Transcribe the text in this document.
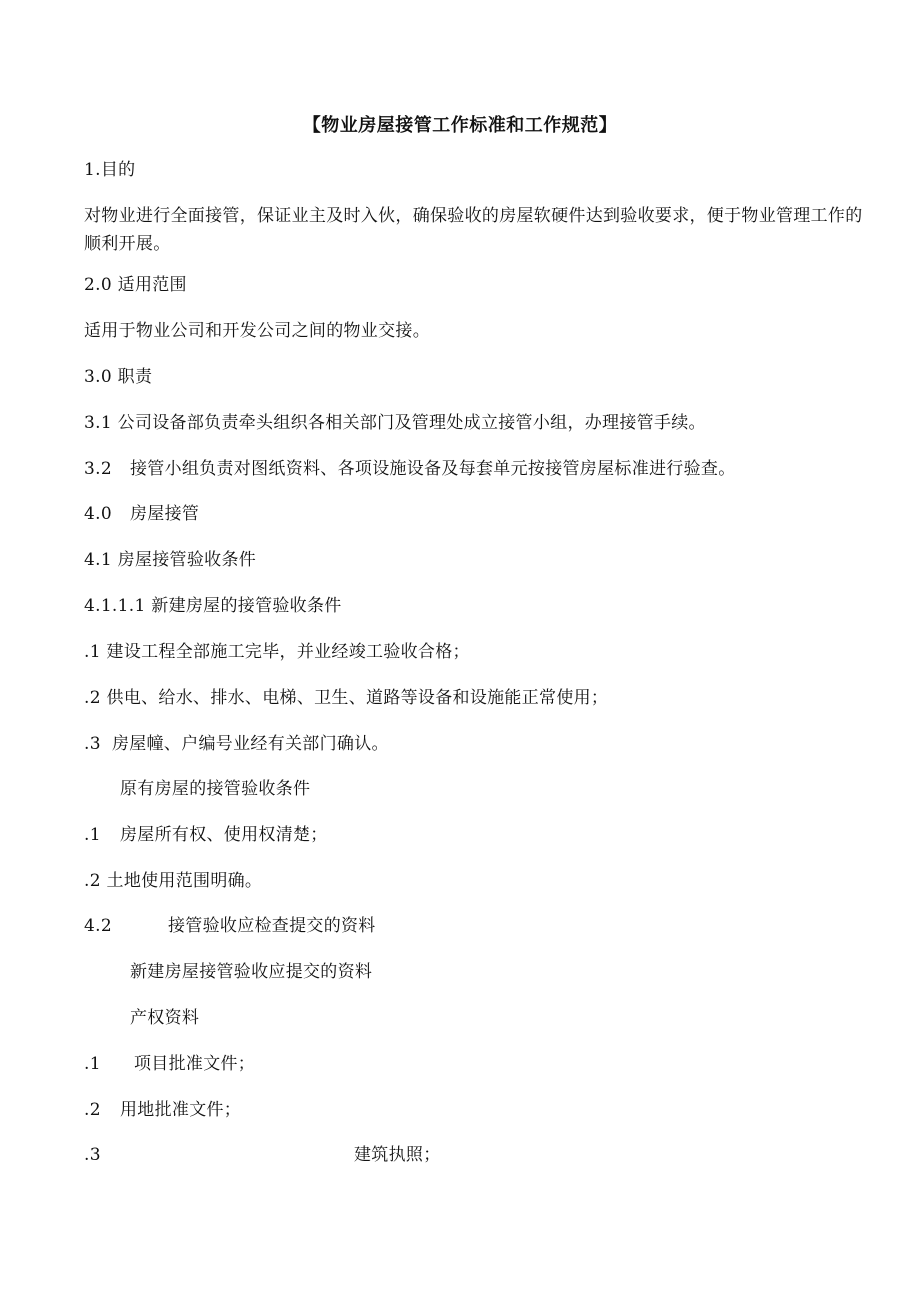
【物业房屋接管工作标准和工作规范】
1.目的
对物业进行全面接管，保证业主及时入伙，确保验收的房屋软硬件达到验收要求，便于物业管理工作的顺利开展。
2.0 适用范围
适用于物业公司和开发公司之间的物业交接。
3.0 职责
3.1 公司设备部负责牵头组织各相关部门及管理处成立接管小组，办理接管手续。
3.2 接管小组负责对图纸资料、各项设施设备及每套单元按接管房屋标准进行验查。
4.0 房屋接管
4.1 房屋接管验收条件
4.1.1.1 新建房屋的接管验收条件
.1 建设工程全部施工完毕，并业经竣工验收合格；
.2 供电、给水、排水、电梯、卫生、道路等设备和设施能正常使用；
.3 房屋幢、户编号业经有关部门确认。
原有房屋的接管验收条件
.1 房屋所有权、使用权清楚；
.2 土地使用范围明确。
4.2	接管验收应检查提交的资料
新建房屋接管验收应提交的资料
产权资料
.1 项目批准文件；
.2 用地批准文件；
.3	建筑执照；
